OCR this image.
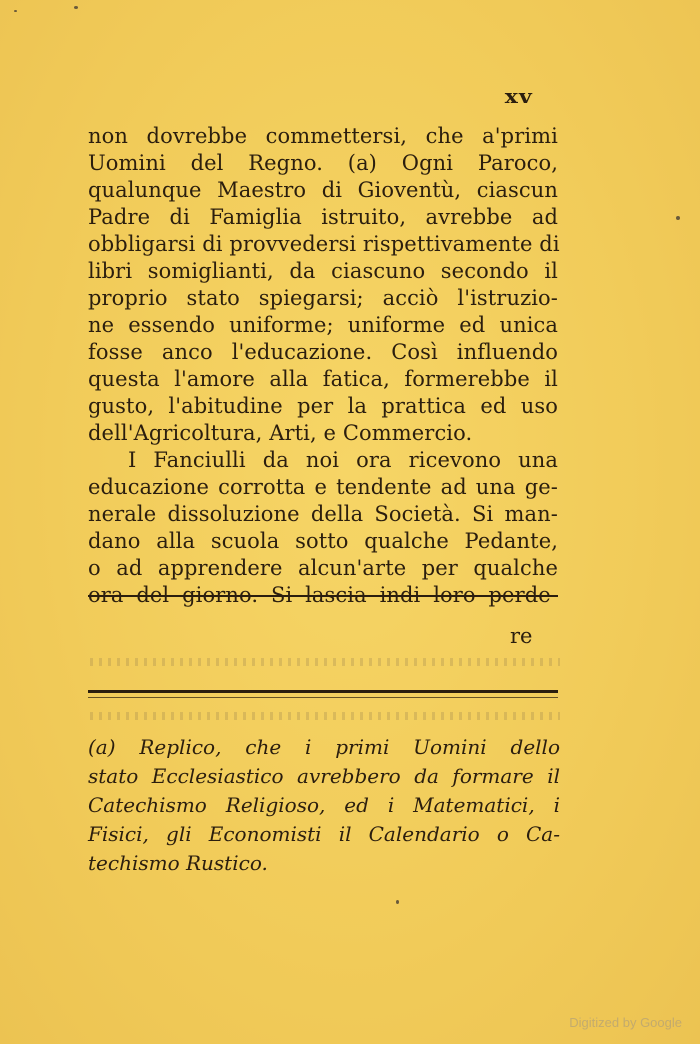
xv
non dovrebbe commettersi, che a'primi
Uomini del Regno. (a) Ogni Paroco,
qualunque Maestro di Gioventù, ciascun
Padre di Famiglia istruito, avrebbe ad
obbligarsi di provvedersi rispettivamente di
libri somiglianti, da ciascuno secondo il
proprio stato spiegarsi; acciò l'istruzio-
ne essendo uniforme; uniforme ed unica
fosse anco l'educazione. Così influendo
questa l'amore alla fatica, formerebbe il
gusto, l'abitudine per la prattica ed uso
dell'Agricoltura, Arti, e Commercio.
I Fanciulli da noi ora ricevono una
educazione corrotta e tendente ad una ge-
nerale dissoluzione della Società. Si man-
dano alla scuola sotto qualche Pedante,
o ad apprendere alcun'arte per qualche
ora del giorno. Si lascia indi loro perde-
re
(a) Replico, che i primi Uomini dello
stato Ecclesiastico avrebbero da formare il
Catechismo Religioso, ed i Matematici, i
Fisici, gli Economisti il Calendario o Ca-
techismo Rustico.
Digitized by Google
